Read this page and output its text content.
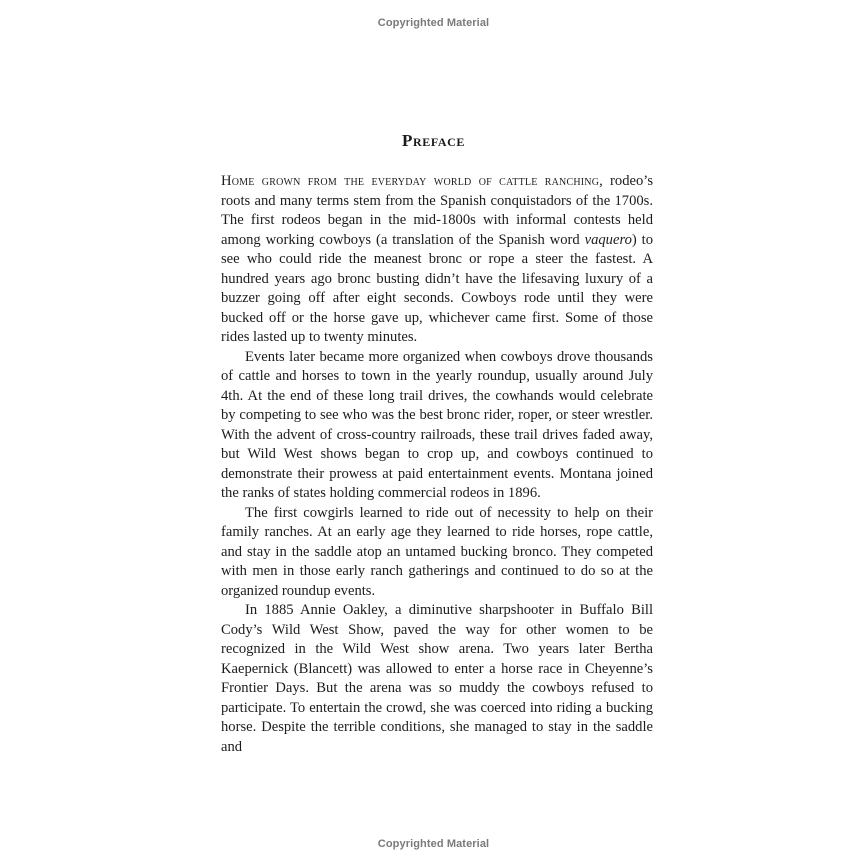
Copyrighted Material
Preface

Home grown from the everyday world of cattle ranching, rodeo’s roots and many terms stem from the Spanish conquistadors of the 1700s. The first rodeos began in the mid-1800s with informal contests held among working cowboys (a translation of the Spanish word vaquero) to see who could ride the meanest bronc or rope a steer the fastest. A hundred years ago bronc busting didn’t have the lifesaving luxury of a buzzer going off after eight seconds. Cowboys rode until they were bucked off or the horse gave up, whichever came first. Some of those rides lasted up to twenty minutes.

Events later became more organized when cowboys drove thousands of cattle and horses to town in the yearly roundup, usually around July 4th. At the end of these long trail drives, the cowhands would celebrate by competing to see who was the best bronc rider, roper, or steer wrestler. With the advent of cross-country railroads, these trail drives faded away, but Wild West shows began to crop up, and cowboys continued to demonstrate their prowess at paid entertainment events. Montana joined the ranks of states holding commercial rodeos in 1896.

The first cowgirls learned to ride out of necessity to help on their family ranches. At an early age they learned to ride horses, rope cattle, and stay in the saddle atop an untamed bucking bronco. They competed with men in those early ranch gatherings and continued to do so at the organized roundup events.

In 1885 Annie Oakley, a diminutive sharpshooter in Buffalo Bill Cody’s Wild West Show, paved the way for other women to be recognized in the Wild West show arena. Two years later Bertha Kaepernick (Blancett) was allowed to enter a horse race in Cheyenne’s Frontier Days. But the arena was so muddy the cowboys refused to participate. To entertain the crowd, she was coerced into riding a bucking horse. Despite the terrible conditions, she managed to stay in the saddle and

Copyrighted Material
